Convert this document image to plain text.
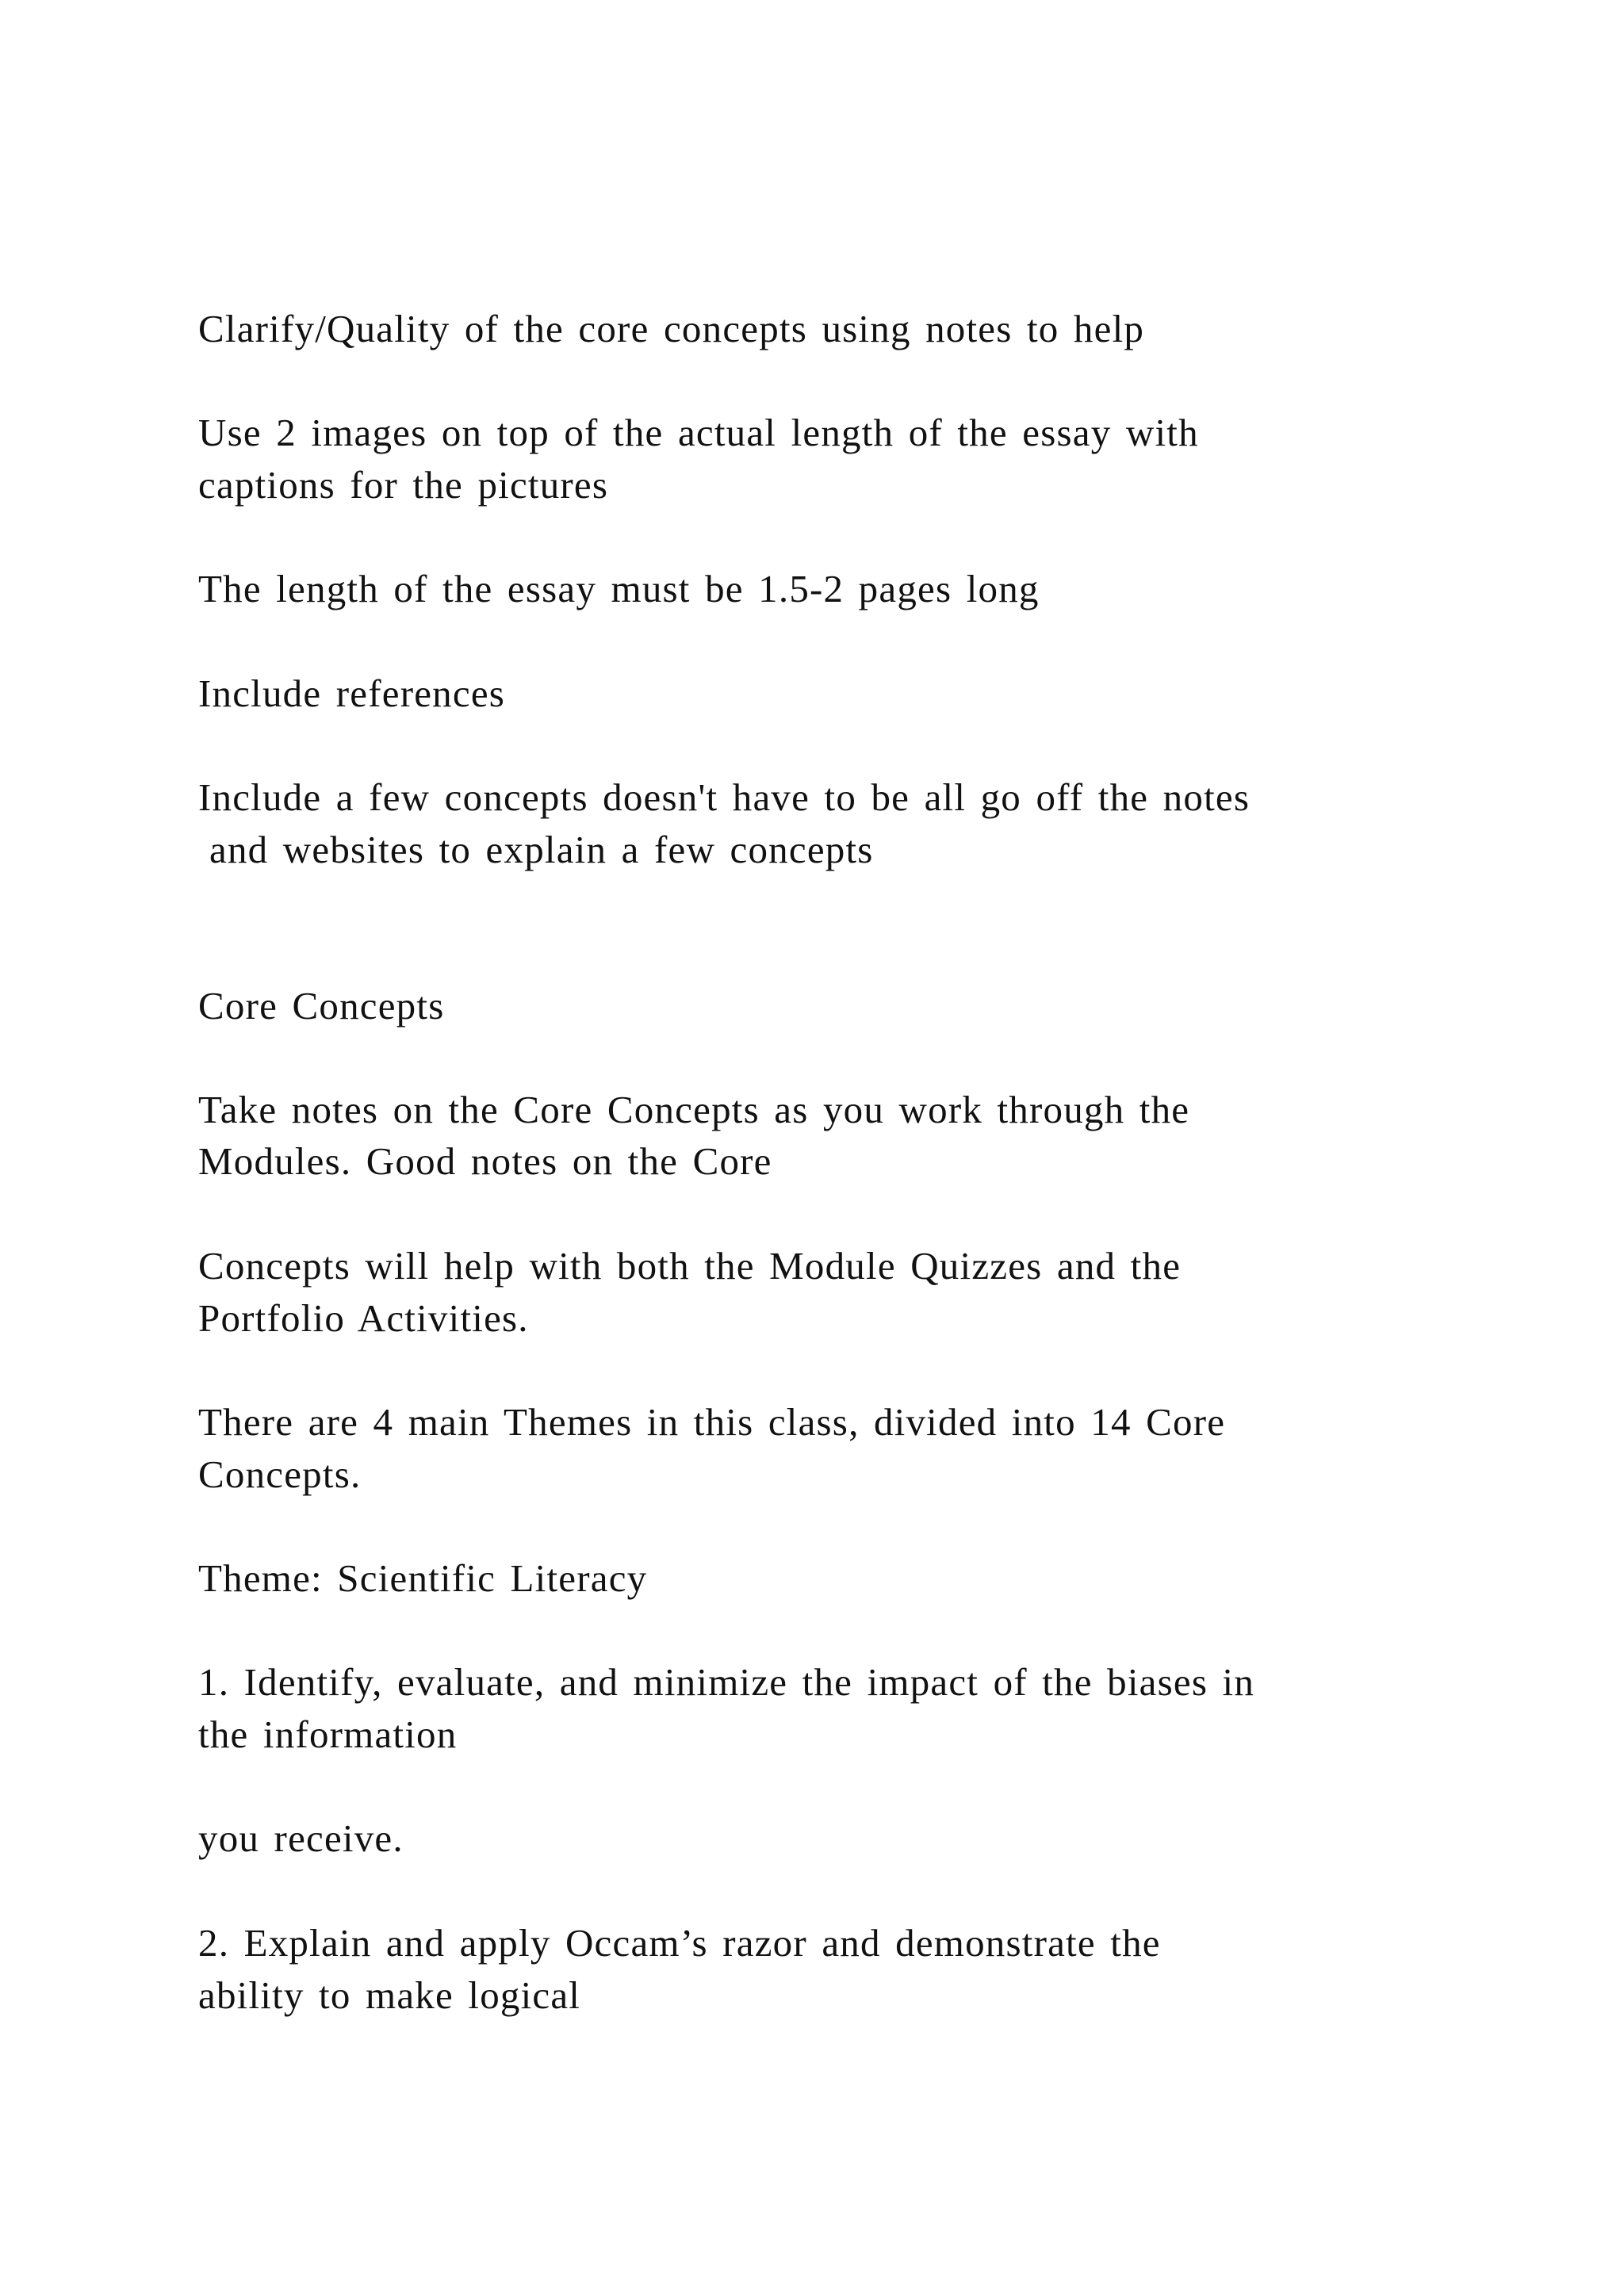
Clarify/Quality of the core concepts using notes to help

Use 2 images on top of the actual length of the essay with

captions for the pictures

The length of the essay must be 1.5-2 pages long

Include references

Include a few concepts doesn't have to be all go off the notes

and websites to explain a few concepts

Core Concepts

Take notes on the Core Concepts as you work through the

Modules. Good notes on the Core

Concepts will help with both the Module Quizzes and the

Portfolio Activities.

There are 4 main Themes in this class, divided into 14 Core

Concepts.

Theme: Scientific Literacy

1. Identify, evaluate, and minimize the impact of the biases in

the information

you receive.

2. Explain and apply Occam’s razor and demonstrate the

ability to make logical
